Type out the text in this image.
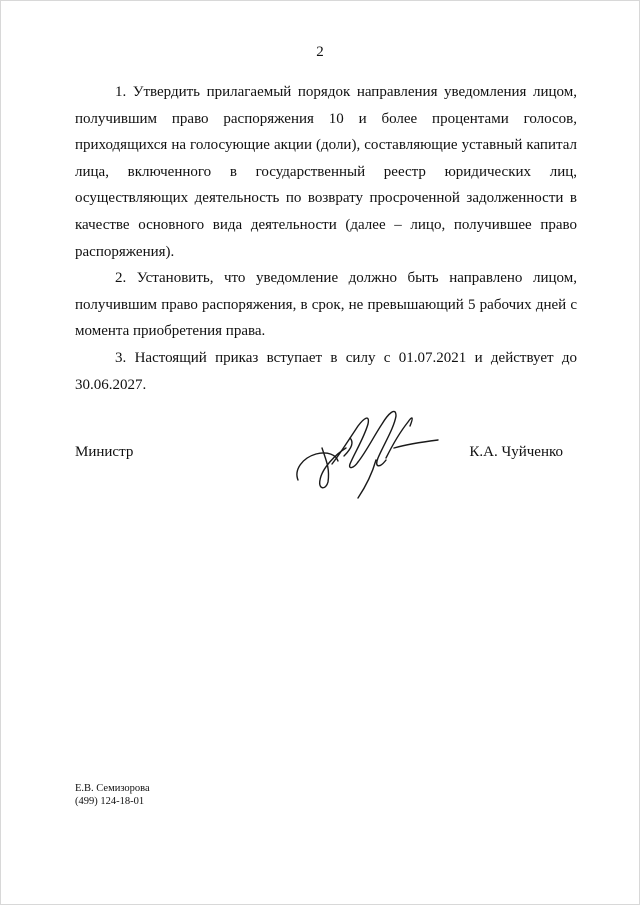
2

1. Утвердить прилагаемый порядок направления уведомления лицом, получившим право распоряжения 10 и более процентами голосов, приходящихся на голосующие акции (доли), составляющие уставный капитал лица, включенного в государственный реестр юридических лиц, осуществляющих деятельность по возврату просроченной задолженности в качестве основного вида деятельности (далее – лицо, получившее право распоряжения).

2. Установить, что уведомление должно быть направлено лицом, получившим право распоряжения, в срок, не превышающий 5 рабочих дней с момента приобретения права.

3. Настоящий приказ вступает в силу с 01.07.2021 и действует до 30.06.2027.

Министр	К.А. Чуйченко
Е.В. Семизорова
(499) 124-18-01
